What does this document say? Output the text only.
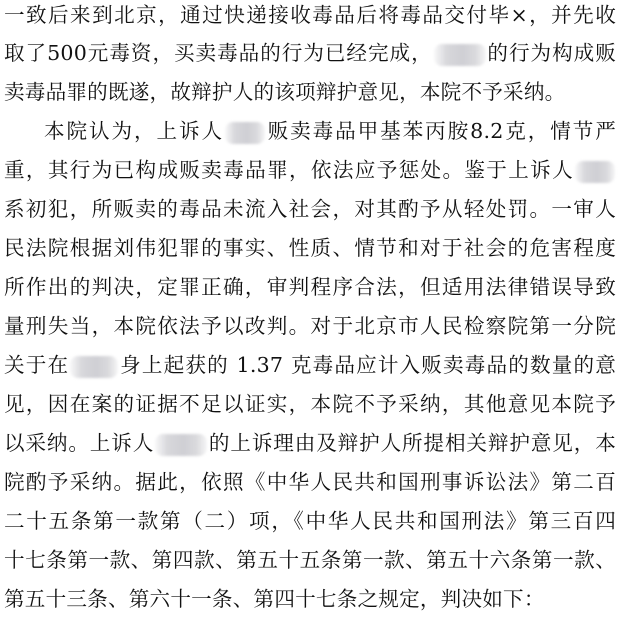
一致后来到北京，通过快递接收毒品后将毒品交付毕×，并先收
取了500元毒资，买卖毒品的行为已经完成，	的行为构成贩
卖毒品罪的既遂，故辩护人的该项辩护意见，本院不予采纳。
本院认为，上诉人 贩卖毒品甲基苯丙胺8.2克，情节严
重，其行为已构成贩卖毒品罪，依法应予惩处。鉴于上诉人
系初犯，所贩卖的毒品未流入社会，对其酌予从轻处罚。一审人
民法院根据刘伟犯罪的事实、性质、情节和对于社会的危害程度
所作出的判决，定罪正确，审判程序合法，但适用法律错误导致
量刑失当，本院依法予以改判。对于北京市人民检察院第一分院
关于在 身上起获的 1.37 克毒品应计入贩卖毒品的数量的意
见，因在案的证据不足以证实，本院不予采纳，其他意见本院予
以采纳。上诉人	的上诉理由及辩护人所提相关辩护意见，本
院酌予采纳。据此，依照《中华人民共和国刑事诉讼法》第二百
二十五条第一款第（二）项，《中华人民共和国刑法》第三百四
十七条第一款、第四款、第五十五条第一款、第五十六条第一款、
第五十三条、第六十一条、第四十七条之规定，判决如下：
